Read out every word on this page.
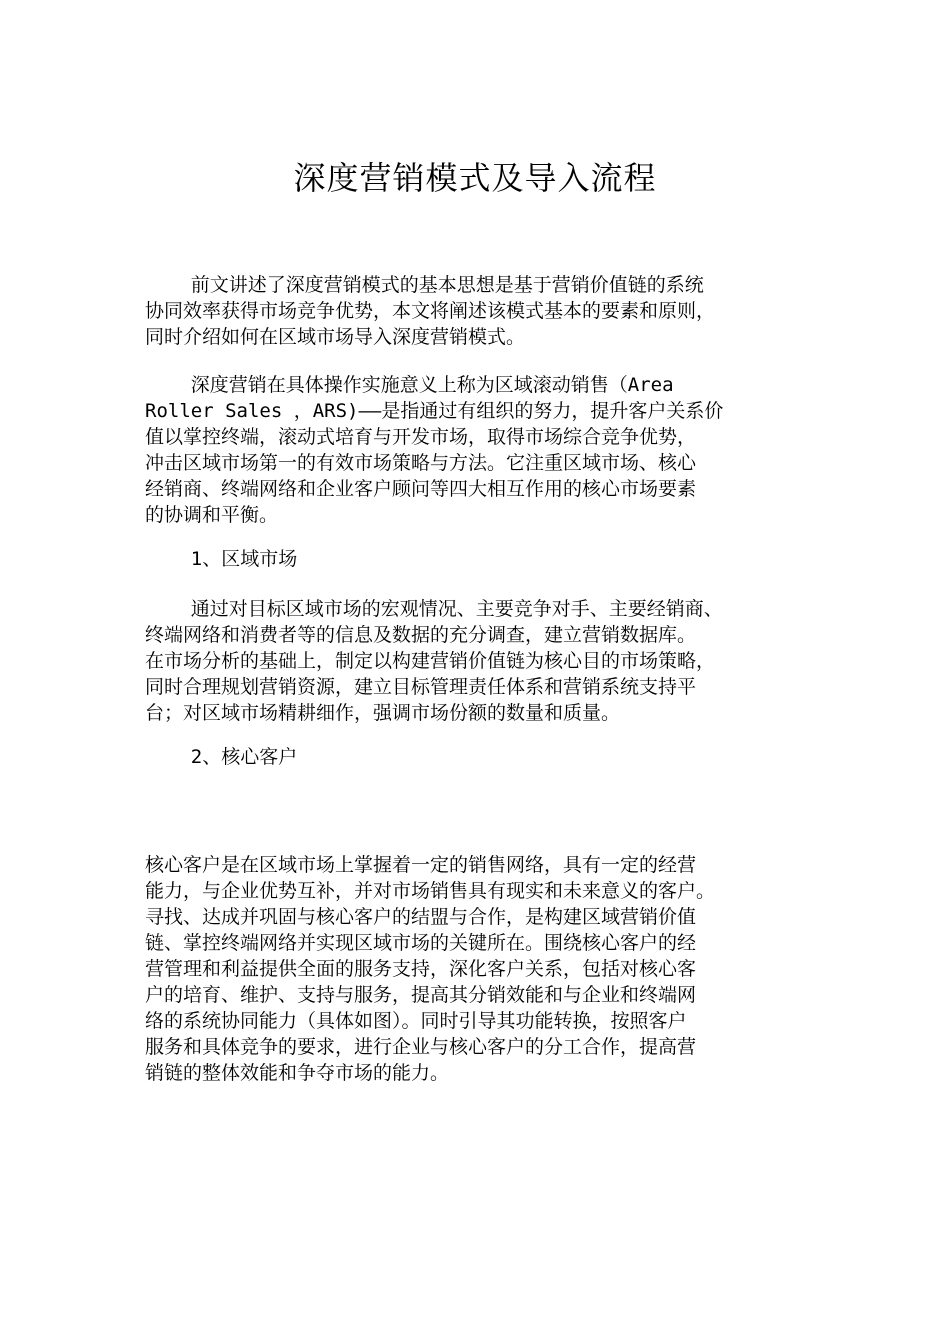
深度营销模式及导入流程

前文讲述了深度营销模式的基本思想是基于营销价值链的系统
协同效率获得市场竞争优势，本文将阐述该模式基本的要素和原则，
同时介绍如何在区域市场导入深度营销模式。

深度营销在具体操作实施意义上称为区域滚动销售（Area
Roller Sales ，ARS)——是指通过有组织的努力，提升客户关系价
值以掌控终端，滚动式培育与开发市场，取得市场综合竞争优势，
冲击区域市场第一的有效市场策略与方法。它注重区域市场、核心
经销商、终端网络和企业客户顾问等四大相互作用的核心市场要素
的协调和平衡。

1、区域市场

通过对目标区域市场的宏观情况、主要竞争对手、主要经销商、
终端网络和消费者等的信息及数据的充分调查，建立营销数据库。
在市场分析的基础上，制定以构建营销价值链为核心目的市场策略，
同时合理规划营销资源，建立目标管理责任体系和营销系统支持平
台；对区域市场精耕细作，强调市场份额的数量和质量。

2、核心客户

核心客户是在区域市场上掌握着一定的销售网络，具有一定的经营
能力，与企业优势互补，并对市场销售具有现实和未来意义的客户。
寻找、达成并巩固与核心客户的结盟与合作，是构建区域营销价值
链、掌控终端网络并实现区域市场的关键所在。围绕核心客户的经
营管理和利益提供全面的服务支持，深化客户关系，包括对核心客
户的培育、维护、支持与服务，提高其分销效能和与企业和终端网
络的系统协同能力（具体如图）。同时引导其功能转换，按照客户
服务和具体竞争的要求，进行企业与核心客户的分工合作，提高营
销链的整体效能和争夺市场的能力。
